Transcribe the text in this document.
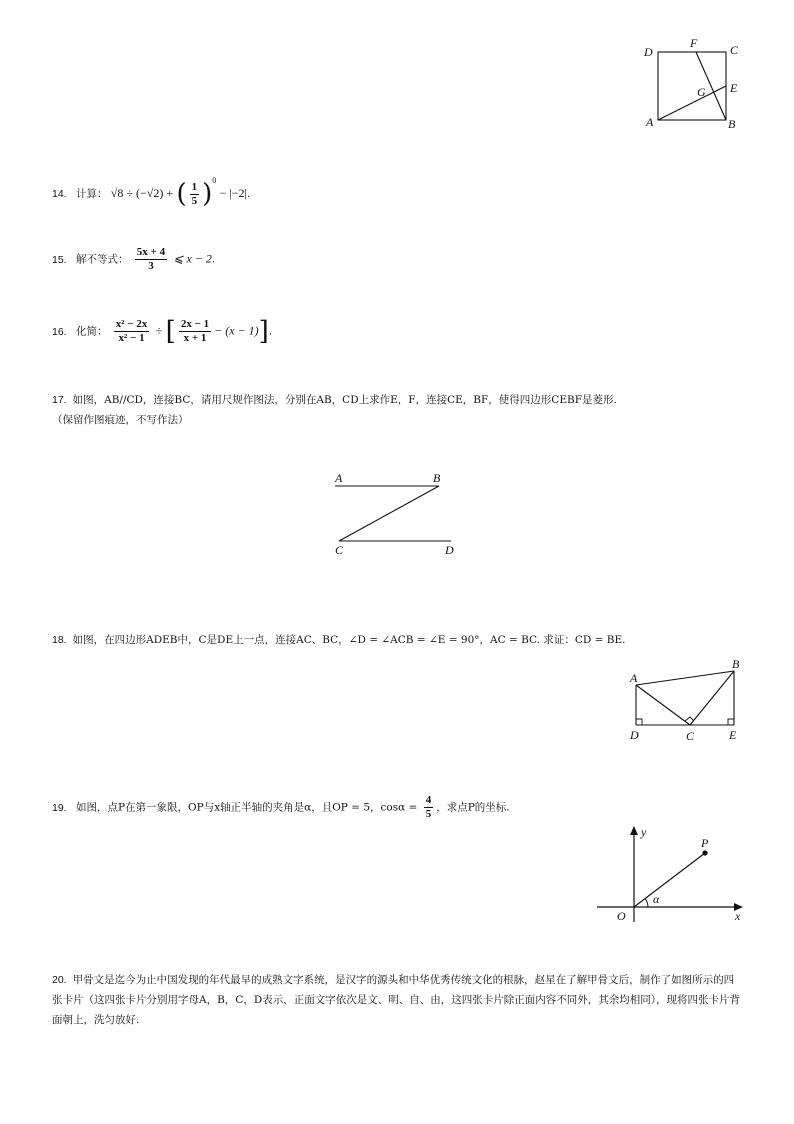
D
F	C
G E
A	B
14. 计算： √8 ÷ (−√2) + ( $\frac{1}{5} )^0 - |-2|$.
15. 解不等式： $\frac{5x + 4}{3}$ ⩽ x − 2.
16. 化简： $\frac{\text{x² − 2x}}{\text{x² − 1}}$ ÷ [ $\frac{2x - 1}{x + 1} - (x - 1)$].
17. 如图，AB//CD，连接BC，请用尺规作图法，分别在AB，CD上求作E，F，连接CE，BF，使得四边形CEBF是菱形.
（保留作图痕迹，不写作法）
A	B
C	D
18. 如图，在四边形ADEB中，C是DE上一点，连接AC、BC，∠D = ∠ACB = ∠E = 90°，AC = BC. 求证：CD = BE.
A
B
C
D	E
19. 如图，点P在第一象限，OP与x轴正半轴的夹角是α，且OP = 5，$\cos\alpha = \frac{4}{5}$ ，求点P的坐标.
y
P
α
O	x
20. 甲骨文是迄今为止中国发现的年代最早的成熟文字系统，是汉字的源头和中华优秀传统文化的根脉，赵星在了解甲骨文后，制作了如图所示的四张卡片（这四张卡片分别用字母A，B，C，D表示，正面文字依次是文、明、自、由，这四张卡片除正面内容不同外，其余均相同），现将四张卡片背面朝上，洗匀放好.
